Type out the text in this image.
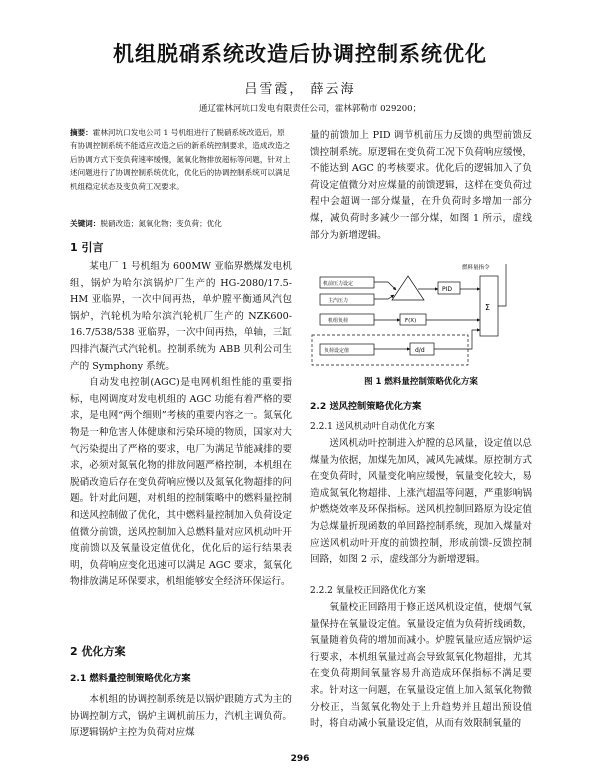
机组脱硝系统改造后协调控制系统优化
吕雪霞， 薛云海
通辽霍林河坑口发电有限责任公司，霍林郭勒市 029200；
摘要：霍林河坑口发电公司 1 号机组进行了脱硝系统改造后，原有协调控制系统不能适应改造之后的新系统控制要求，造成改造之后协调方式下变负荷速率缓慢，氮氧化物排放超标等问题，针对上述问题进行了协调控制系统优化，优化后的协调控制系统可以满足机组稳定状态及变负荷工况要求。
关键词：脱硝改造；氮氧化物；变负荷；优化
1 引言

某电厂 1 号机组为 600MW 亚临界燃煤发电机组，锅炉为哈尔滨锅炉厂生产的 HG-2080/17.5-HM 亚临界，一次中间再热，单炉膛平衡通风汽包锅炉，汽轮机为哈尔滨汽轮机厂生产的 NZK600-16.7/538/538 亚临界，一次中间再热，单轴，三缸四排汽凝汽式汽轮机。控制系统为 ABB 贝利公司生产的 Symphony 系统。

自动发电控制(AGC)是电网机组性能的重要指标，电网调度对发电机组的 AGC 功能有着严格的要求，是电网“两个细则”考核的重要内容之一。氮氧化物是一种危害人体健康和污染环境的物质，国家对大气污染提出了严格的要求，电厂为满足节能减排的要求，必须对氮氧化物的排放问题严格控制，本机组在脱硝改造后存在变负荷响应慢以及氮氧化物超排的问题。针对此问题，对机组的控制策略中的燃料量控制和送风控制做了优化，其中燃料量控制加入负荷设定值微分前馈，送风控制加入总燃料量对应风机动叶开度前馈以及氧量设定值优化，优化后的运行结果表明，负荷响应变化迅速可以满足 AGC 要求，氮氧化物排放满足环保要求，机组能够安全经济环保运行。

2 优化方案
2.1 燃料量控制策略优化方案

本机组的协调控制系统是以锅炉跟随方式为主的协调控制方式，锅炉主调机前压力，汽机主调负荷。原逻辑锅炉主控为负荷对应煤

量的前馈加上 PID 调节机前压力反馈的典型前馈反馈控制系统。原逻辑在变负荷工况下负荷响应缓慢，不能达到 AGC 的考核要求。优化后的逻辑加入了负荷设定值微分对应煤量的前馈逻辑，这样在变负荷过程中会超调一部分煤量，在升负荷时多增加一部分煤，减负荷时多减少一部分煤，如图 1 所示，虚线部分为新增逻辑。

燃料量指令
机前压力设定
主汽压力
机组负荷
PID
F(X)
Σ
负荷设定值	d/d
图 1 燃料量控制策略优化方案
2.2 送风控制策略优化方案
2.2.1 送风机动叶自动优化方案

送风机动叶控制进入炉膛的总风量，设定值以总煤量为依据，加煤先加风，减风先减煤。原控制方式在变负荷时，风量变化响应缓慢，氧量变化较大，易造成氮氧化物超排、上涨汽超温等问题，严重影响锅炉燃烧效率及环保指标。送风机控制回路原为设定值为总煤量折现函数的单回路控制系统，现加入煤量对应送风机动叶开度的前馈控制，形成前馈-反馈控制回路，如图 2 示，虚线部分为新增逻辑。

2.2.2 氧量校正回路优化方案

氧量校正回路用于修正送风机设定值，使烟气氧量保持在氧量设定值。氧量设定值为负荷折线函数，氧量随着负荷的增加而减小。炉膛氧量应适应锅炉运行要求，本机组氧量过高会导致氮氧化物超排，尤其在变负荷期间氧量容易升高造成环保指标不满足要求。针对这一问题，在氧量设定值上加入氮氧化物微分校正，当氮氧化物处于上升趋势并且超出预设值时，将自动减小氧量设定值，从而有效限制氧量的

296
